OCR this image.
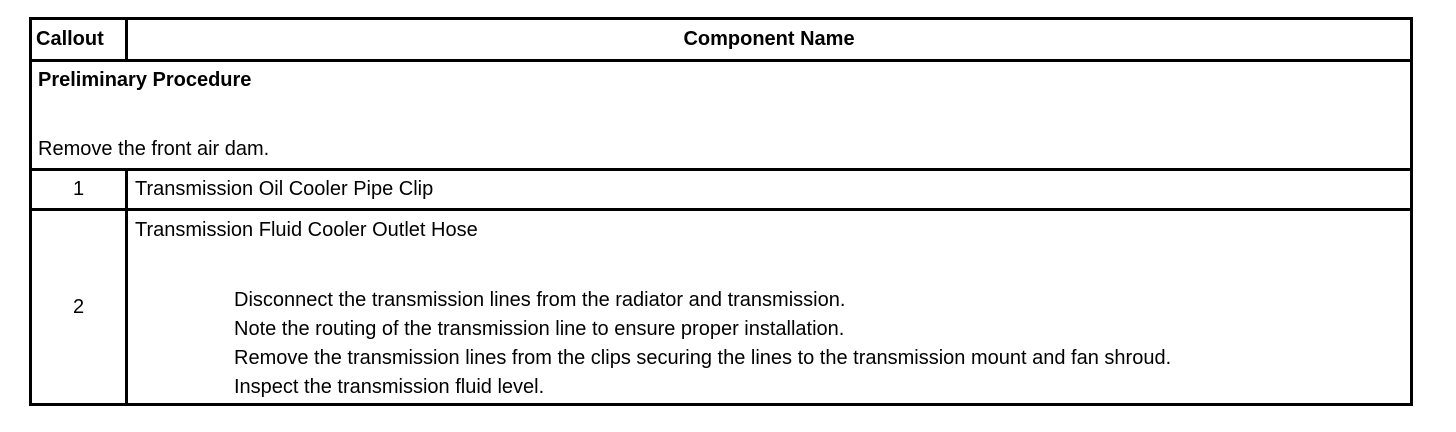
Callout	Component Name

Preliminary Procedure
Remove the front air dam.	

1	Transmission Oil Cooler Pipe Clip
2	Transmission Fluid Cooler Outlet Hose
Disconnect the transmission lines from the radiator and transmission.
Note the routing of the transmission line to ensure proper installation.
Remove the transmission lines from the clips securing the lines to the transmission mount and fan shroud.
Inspect the transmission fluid level.
